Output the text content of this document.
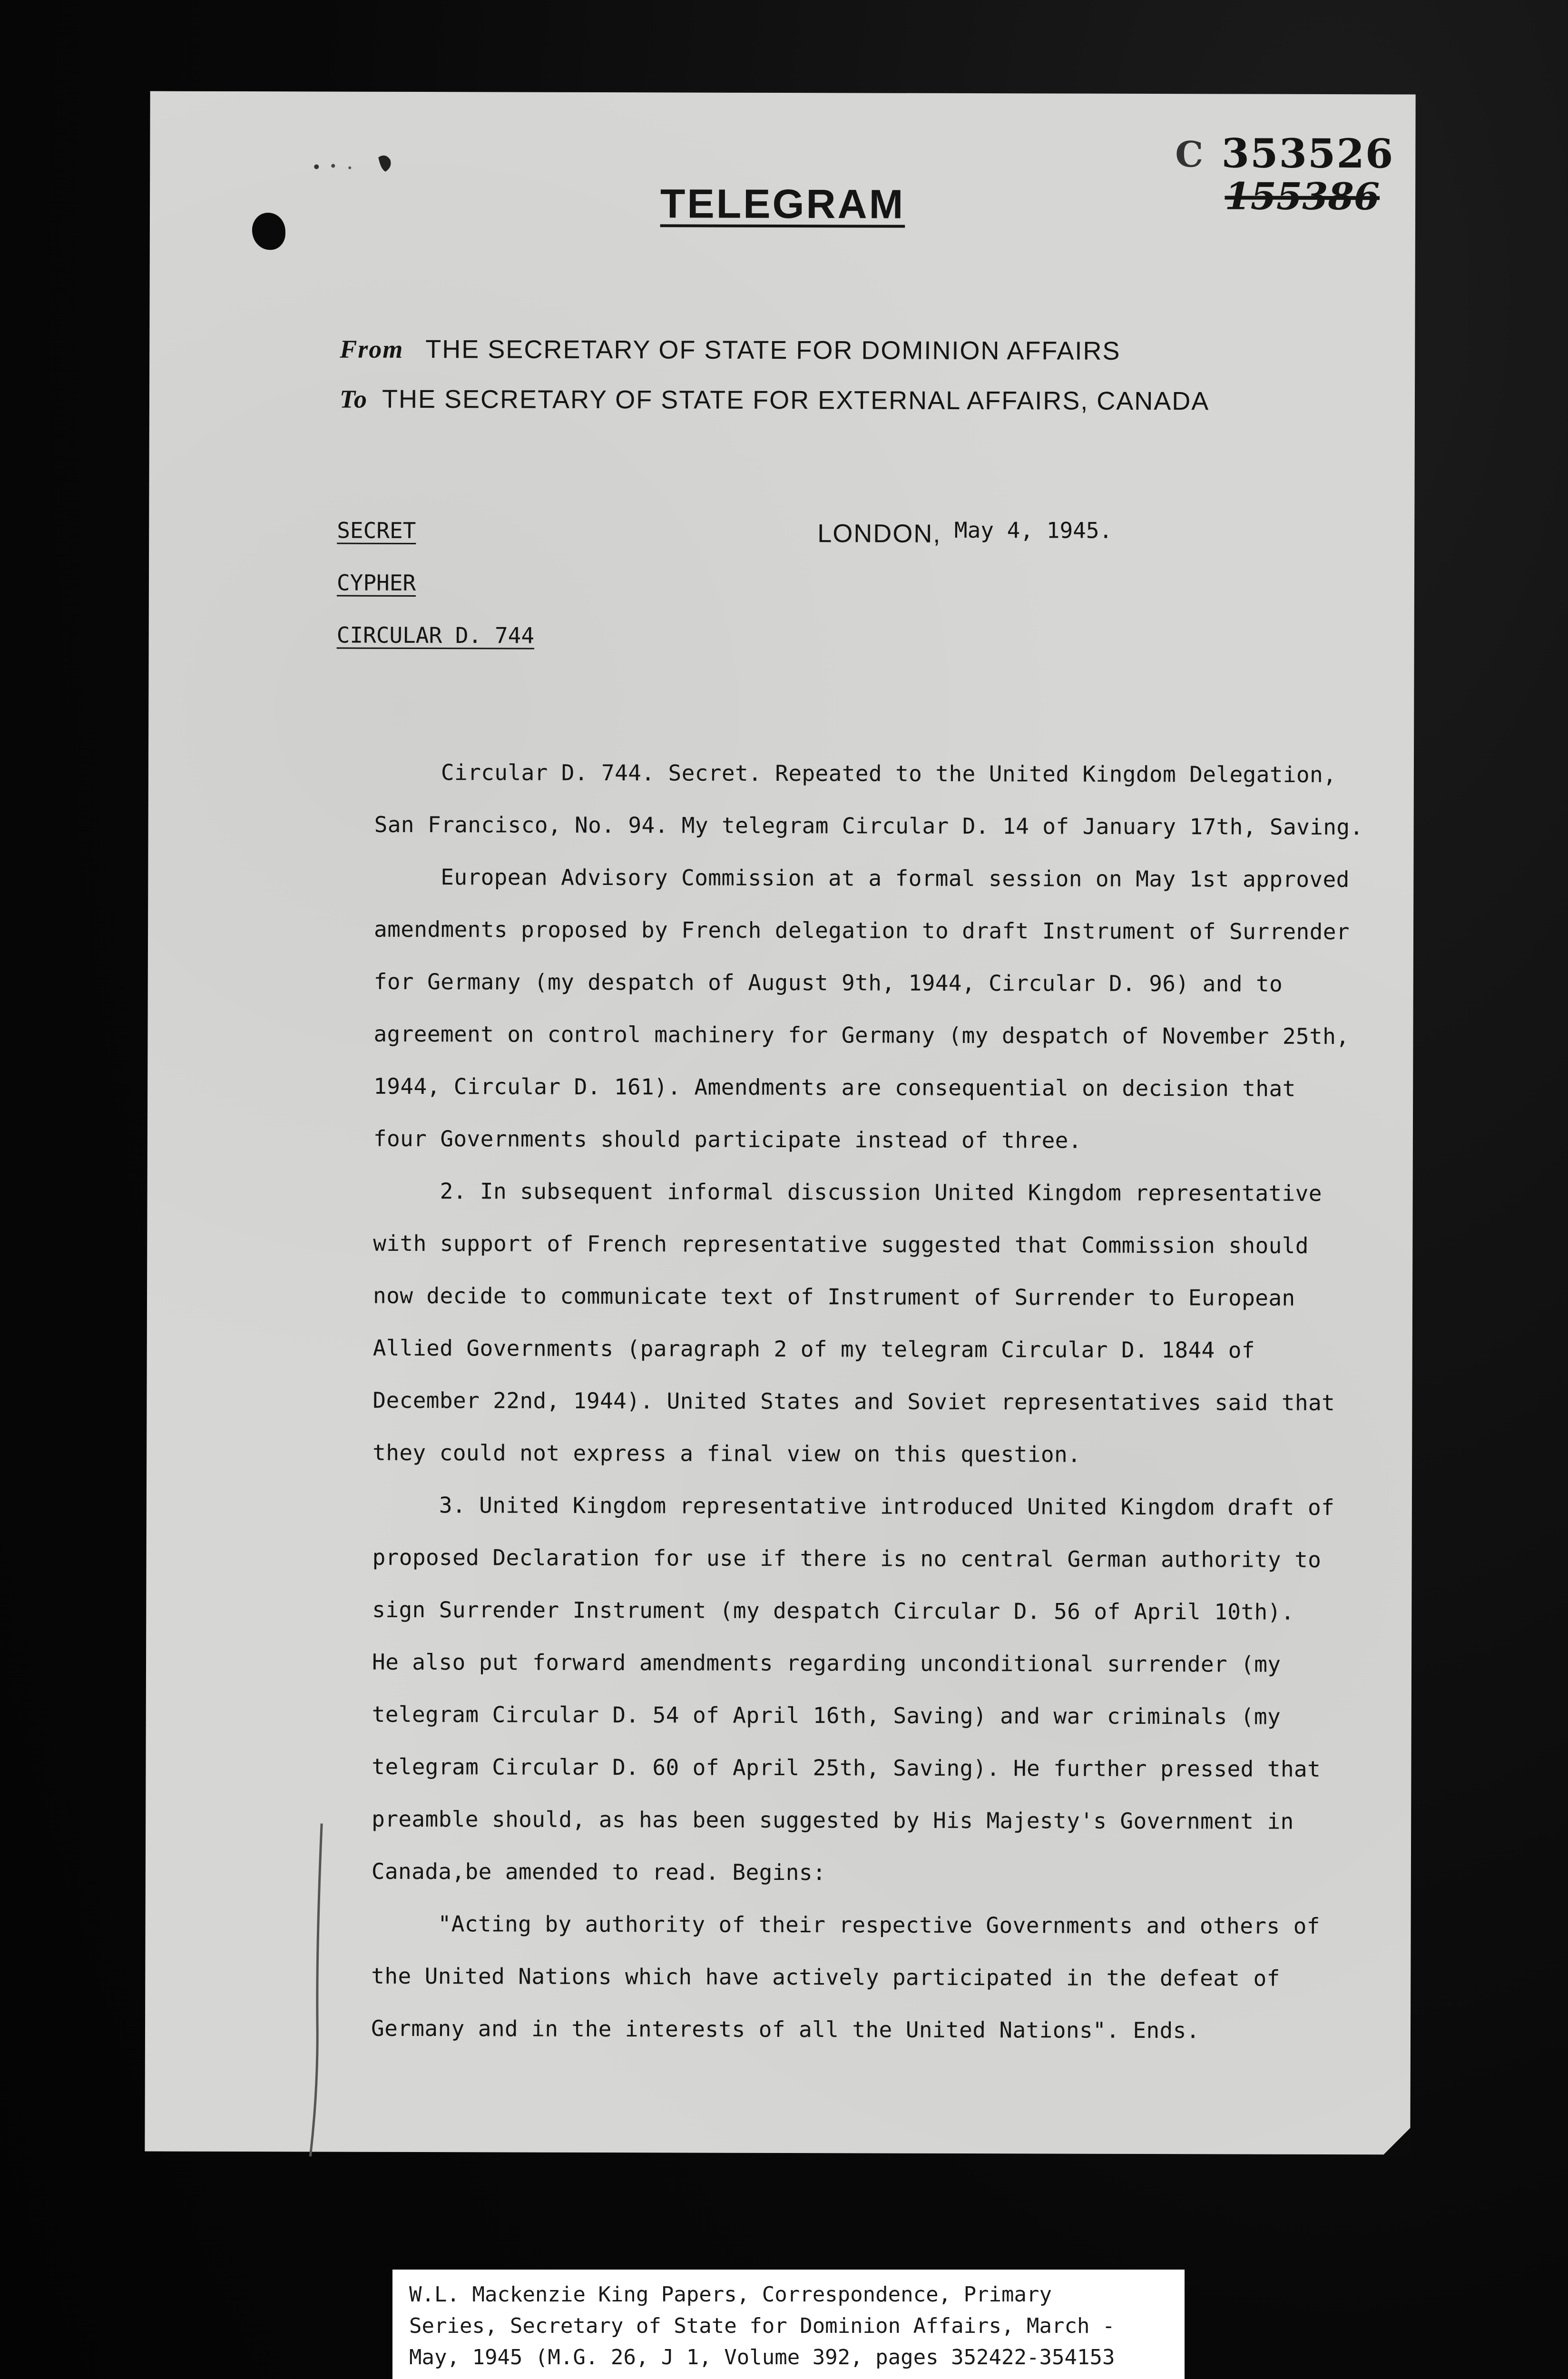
C 353526
155386
TELEGRAM
From THE SECRETARY OF STATE FOR DOMINION AFFAIRS
To THE SECRETARY OF STATE FOR EXTERNAL AFFAIRS, CANADA
SECRET
CYPHER
CIRCULAR D. 744
LONDON, May 4, 1945.
Circular D. 744. Secret. Repeated to the United Kingdom Delegation,
San Francisco, No. 94. My telegram Circular D. 14 of January 17th, Saving.
European Advisory Commission at a formal session on May 1st approved
amendments proposed by French delegation to draft Instrument of Surrender
for Germany (my despatch of August 9th, 1944, Circular D. 96) and to
agreement on control machinery for Germany (my despatch of November 25th,
1944, Circular D. 161). Amendments are consequential on decision that
four Governments should participate instead of three.
2. In subsequent informal discussion United Kingdom representative
with support of French representative suggested that Commission should
now decide to communicate text of Instrument of Surrender to European
Allied Governments (paragraph 2 of my telegram Circular D. 1844 of
December 22nd, 1944). United States and Soviet representatives said that
they could not express a final view on this question.
3. United Kingdom representative introduced United Kingdom draft of
proposed Declaration for use if there is no central German authority to
sign Surrender Instrument (my despatch Circular D. 56 of April 10th).
He also put forward amendments regarding unconditional surrender (my
telegram Circular D. 54 of April 16th, Saving) and war criminals (my
telegram Circular D. 60 of April 25th, Saving). He further pressed that
preamble should, as has been suggested by His Majesty's Government in
Canada,be amended to read. Begins:
"Acting by authority of their respective Governments and others of
the United Nations which have actively participated in the defeat of
Germany and in the interests of all the United Nations". Ends.
W.L. Mackenzie King Papers, Correspondence, Primary
Series, Secretary of State for Dominion Affairs, March -
May, 1945 (M.G. 26, J 1, Volume 392, pages 352422-354153
